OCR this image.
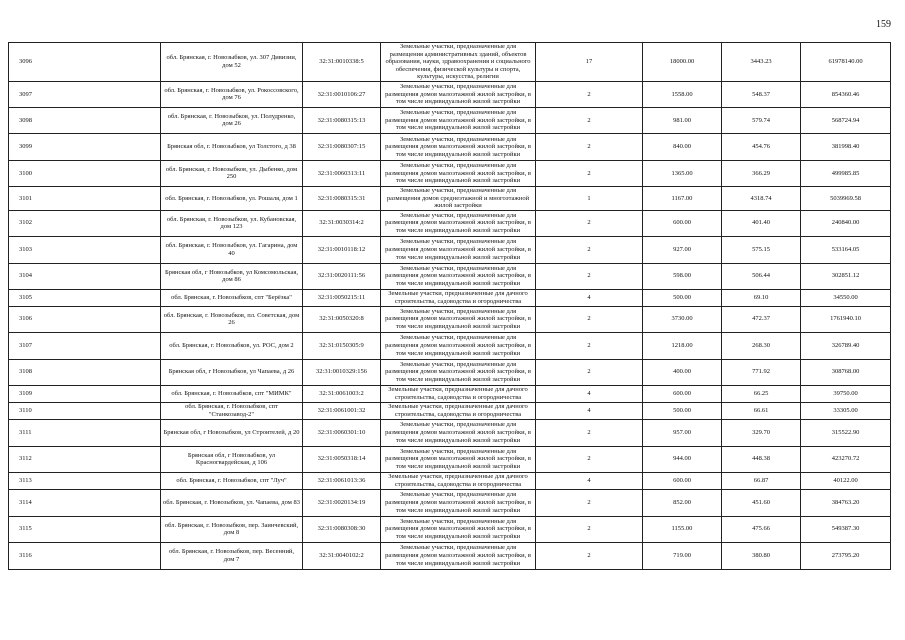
159
3096	обл. Брянская, г. Новозыбков, ул. 307 Дивизии, дом 52	32:31:0010338:5	Земельные участки, предназначенные для размещения административных зданий, объектов образования, науки, здравоохранения и социального обеспечения, физической культуры и спорта, культуры, искусства, религии	17	18000.00	3443.23	61978140.00
3097	обл. Брянская, г. Новозыбков, ул. Рокоссовского, дом 76	32:31:0010106:27	Земельные участки, предназначенные для размещения домов малоэтажной жилой застройки, в том числе индивидуальной жилой застройки	2	1558.00	548.37	854360.46
3098	обл. Брянская, г. Новозыбков, ул. Полудренко, дом 26	32:31:0080315:13	Земельные участки, предназначенные для размещения домов малоэтажной жилой застройки, в том числе индивидуальной жилой застройки	2	981.00	579.74	568724.94
3099	Брянская обл, г. Новозыбков, ул Толстого, д 38	32:31:0080307:15	Земельные участки, предназначенные для размещения домов малоэтажной жилой застройки, в том числе индивидуальной жилой застройки	2	840.00	454.76	381998.40
3100	обл. Брянская, г. Новозыбков, ул. Дыбенко, дом 250	32:31:0060313:11	Земельные участки, предназначенные для размещения домов малоэтажной жилой застройки, в том числе индивидуальной жилой застройки	2	1365.00	366.29	499985.85
3101	обл. Брянская, г. Новозыбков, ул. Рошаля, дом 1	32:31:0080315:31	Земельные участки, предназначенные для размещения домов среднеэтажной и многоэтажной жилой застройки	1	1167.00	4318.74	5039969.58
3102	обл. Брянская, г. Новозыбков, ул. Кубановская, дом 123	32:31:0030314:2	Земельные участки, предназначенные для размещения домов малоэтажной жилой застройки, в том числе индивидуальной жилой застройки	2	600.00	401.40	240840.00
3103	обл. Брянская, г. Новозыбков, ул. Гагарина, дом 40	32:31:0010118:12	Земельные участки, предназначенные для размещения домов малоэтажной жилой застройки, в том числе индивидуальной жилой застройки	2	927.00	575.15	533164.05
3104	Брянская обл, г Новозыбков, ул Комсомольская, дом 86	32:31:0020111:56	Земельные участки, предназначенные для размещения домов малоэтажной жилой застройки, в том числе индивидуальной жилой застройки	2	598.00	506.44	302851.12
3105	обл. Брянская, г. Новозыбков, спт "Берёзка"	32:31:0050215:11	Земельные участки, предназначенные для дачного строительства, садоводства и огородничества	4	500.00	69.10	34550.00
3106	обл. Брянская, г. Новозыбков, пл. Советская, дом 26	32:31:0050320:8	Земельные участки, предназначенные для размещения домов малоэтажной жилой застройки, в том числе индивидуальной жилой застройки	2	3730.00	472.37	1761940.10
3107	обл. Брянская, г. Новозыбков, ул. РОС, дом 2	32:31:0150305:9	Земельные участки, предназначенные для размещения домов малоэтажной жилой застройки, в том числе индивидуальной жилой застройки	2	1218.00	268.30	326789.40
3108	Брянская обл, г Новозыбков, ул Чапаева, д 26	32:31:0010329:156	Земельные участки, предназначенные для размещения домов малоэтажной жилой застройки, в том числе индивидуальной жилой застройки	2	400.00	771.92	308768.00
3109	обл. Брянская, г. Новозыбков, спт "МИМК"	32:31:0061003:2	Земельные участки, предназначенные для дачного строительства, садоводства и огородничества	4	600.00	66.25	39750.00
3110	обл. Брянская, г. Новозыбков, спт "Станкозавод-2"	32:31:0061001:32	Земельные участки, предназначенные для дачного строительства, садоводства и огородничества	4	500.00	66.61	33305.00
3111	Брянская обл, г Новозыбков, ул Строителей, д 20	32:31:0060301:10	Земельные участки, предназначенные для размещения домов малоэтажной жилой застройки, в том числе индивидуальной жилой застройки	2	957.00	329.70	315522.90
3112	Брянская обл, г Новозыбков, ул Красногвардейская, д 106	32:31:0050318:14	Земельные участки, предназначенные для размещения домов малоэтажной жилой застройки, в том числе индивидуальной жилой застройки	2	944.00	448.38	423270.72
3113	обл. Брянская, г. Новозыбков, спт "Луч"	32:31:0061013:36	Земельные участки, предназначенные для дачного строительства, садоводства и огородничества	4	600.00	66.87	40122.00
3114	обл. Брянская, г. Новозыбков, ул. Чапаева, дом 83	32:31:0020134:19	Земельные участки, предназначенные для размещения домов малоэтажной жилой застройки, в том числе индивидуальной жилой застройки	2	852.00	451.60	384763.20
3115	обл. Брянская, г. Новозыбков, пер. Заинчевский, дом 8	32:31:0080308:30	Земельные участки, предназначенные для размещения домов малоэтажной жилой застройки, в том числе индивидуальной жилой застройки	2	1155.00	475.66	549387.30
3116	обл. Брянская, г. Новозыбков, пер. Весенний, дом 7	32:31:0040102:2	Земельные участки, предназначенные для размещения домов малоэтажной жилой застройки, в том числе индивидуальной жилой застройки	2	719.00	380.80	273795.20
